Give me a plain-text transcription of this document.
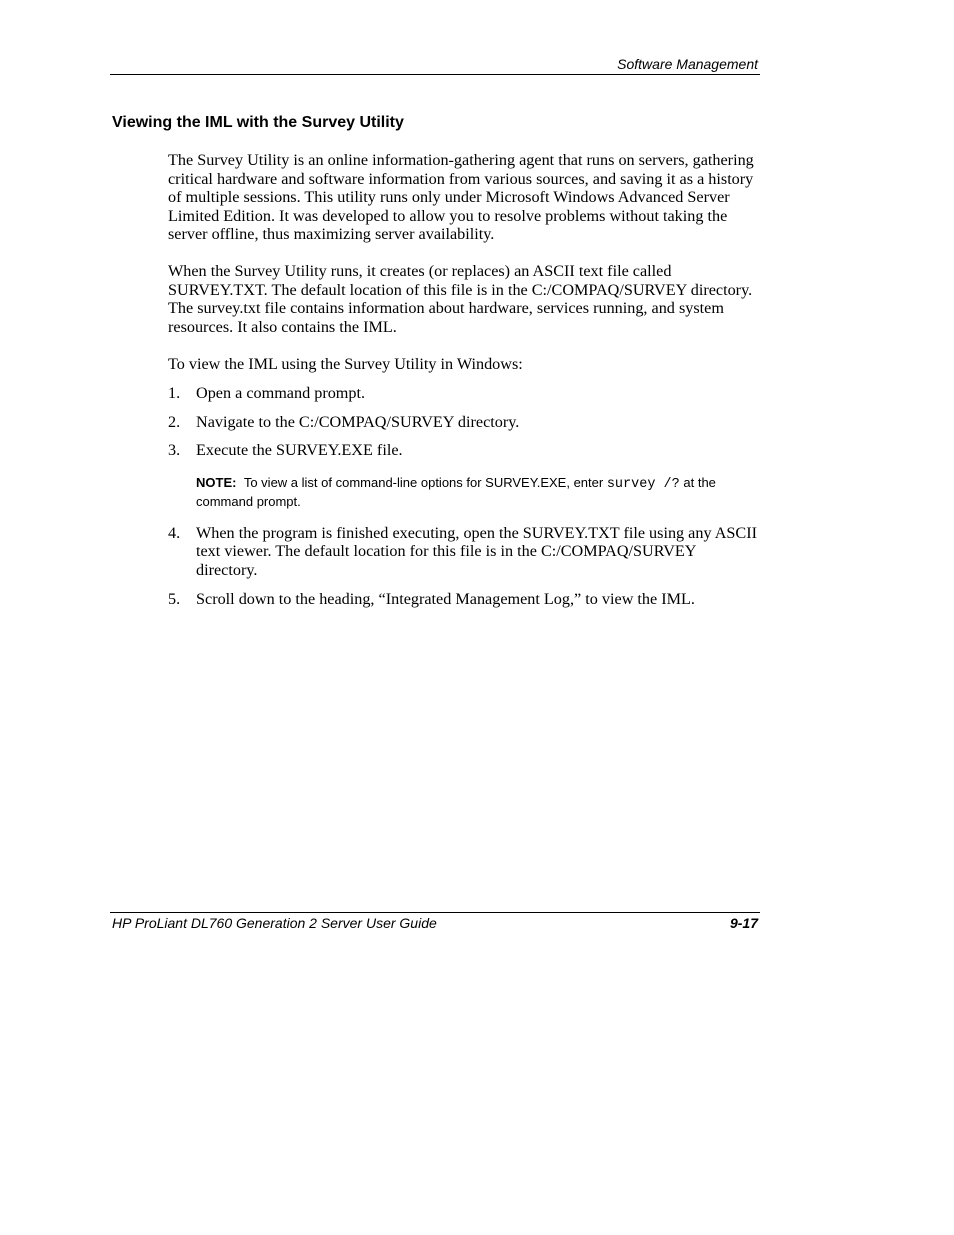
Software Management
Viewing the IML with the Survey Utility

The Survey Utility is an online information-gathering agent that runs on servers, gathering critical hardware and software information from various sources, and saving it as a history of multiple sessions. This utility runs only under Microsoft Windows Advanced Server Limited Edition. It was developed to allow you to resolve problems without taking the server offline, thus maximizing server availability.

When the Survey Utility runs, it creates (or replaces) an ASCII text file called SURVEY.TXT. The default location of this file is in the C:/COMPAQ/SURVEY directory. The survey.txt file contains information about hardware, services running, and system resources. It also contains the IML.

To view the IML using the Survey Utility in Windows:

1. Open a command prompt.
2. Navigate to the C:/COMPAQ/SURVEY directory.
3. Execute the SURVEY.EXE file.
NOTE: To view a list of command-line options for SURVEY.EXE, enter survey /? at the command prompt.
4. When the program is finished executing, open the SURVEY.TXT file using any ASCII text viewer. The default location for this file is in the C:/COMPAQ/SURVEY directory.
5. Scroll down to the heading, “Integrated Management Log,” to view the IML.
HP ProLiant DL760 Generation 2 Server User Guide	9-17
